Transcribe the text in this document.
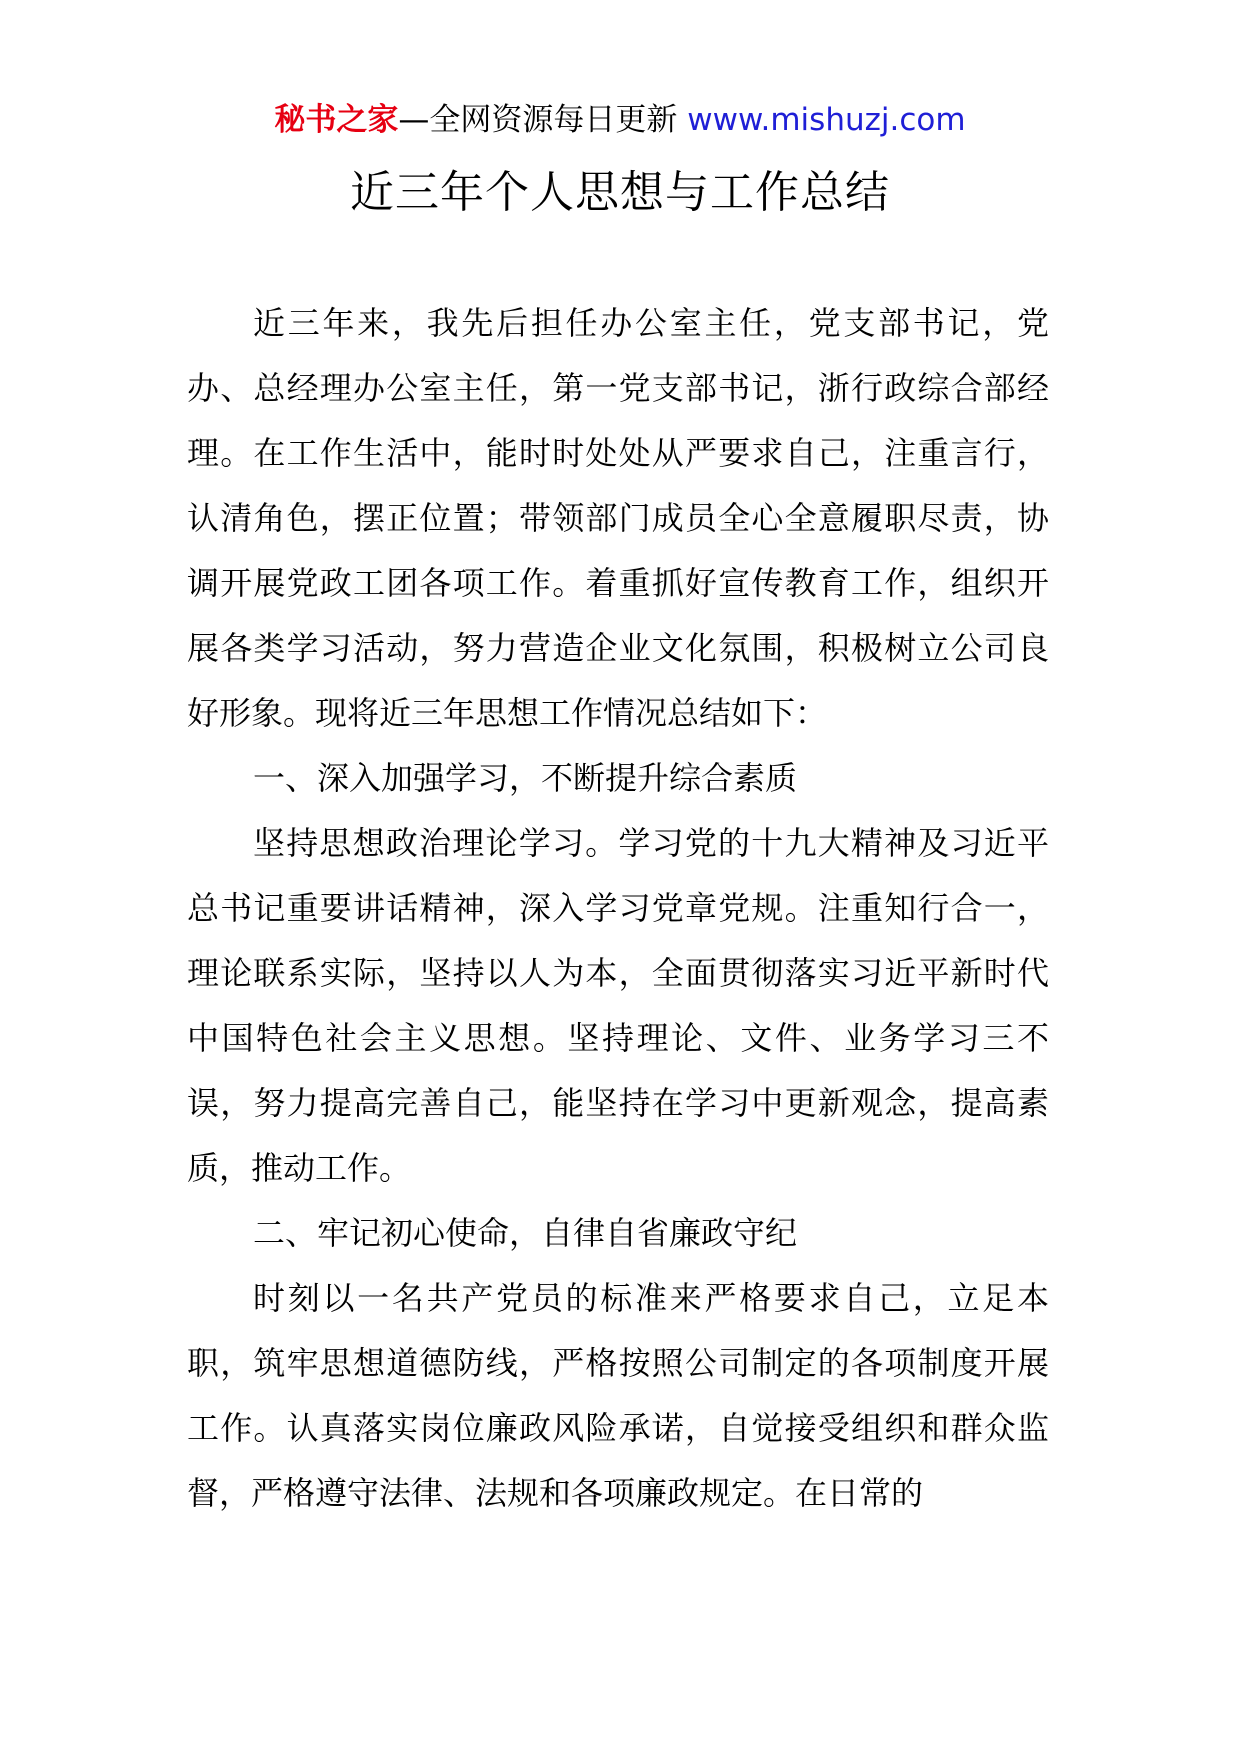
秘书之家—全网资源每日更新 www.mishuzj.com
近三年个人思想与工作总结

近三年来，我先后担任办公室主任，党支部书记，党办、总经理办公室主任，第一党支部书记，浙行政综合部经理。在工作生活中，能时时处处从严要求自己，注重言行，认清角色，摆正位置；带领部门成员全心全意履职尽责，协调开展党政工团各项工作。着重抓好宣传教育工作，组织开展各类学习活动，努力营造企业文化氛围，积极树立公司良好形象。现将近三年思想工作情况总结如下：

一、深入加强学习，不断提升综合素质

坚持思想政治理论学习。学习党的十九大精神及习近平总书记重要讲话精神，深入学习党章党规。注重知行合一，理论联系实际，坚持以人为本，全面贯彻落实习近平新时代中国特色社会主义思想。坚持理论、文件、业务学习三不误，努力提高完善自己，能坚持在学习中更新观念，提高素质，推动工作。

二、牢记初心使命，自律自省廉政守纪

时刻以一名共产党员的标准来严格要求自己，立足本职，筑牢思想道德防线，严格按照公司制定的各项制度开展工作。认真落实岗位廉政风险承诺，自觉接受组织和群众监督，严格遵守法律、法规和各项廉政规定。在日常的
